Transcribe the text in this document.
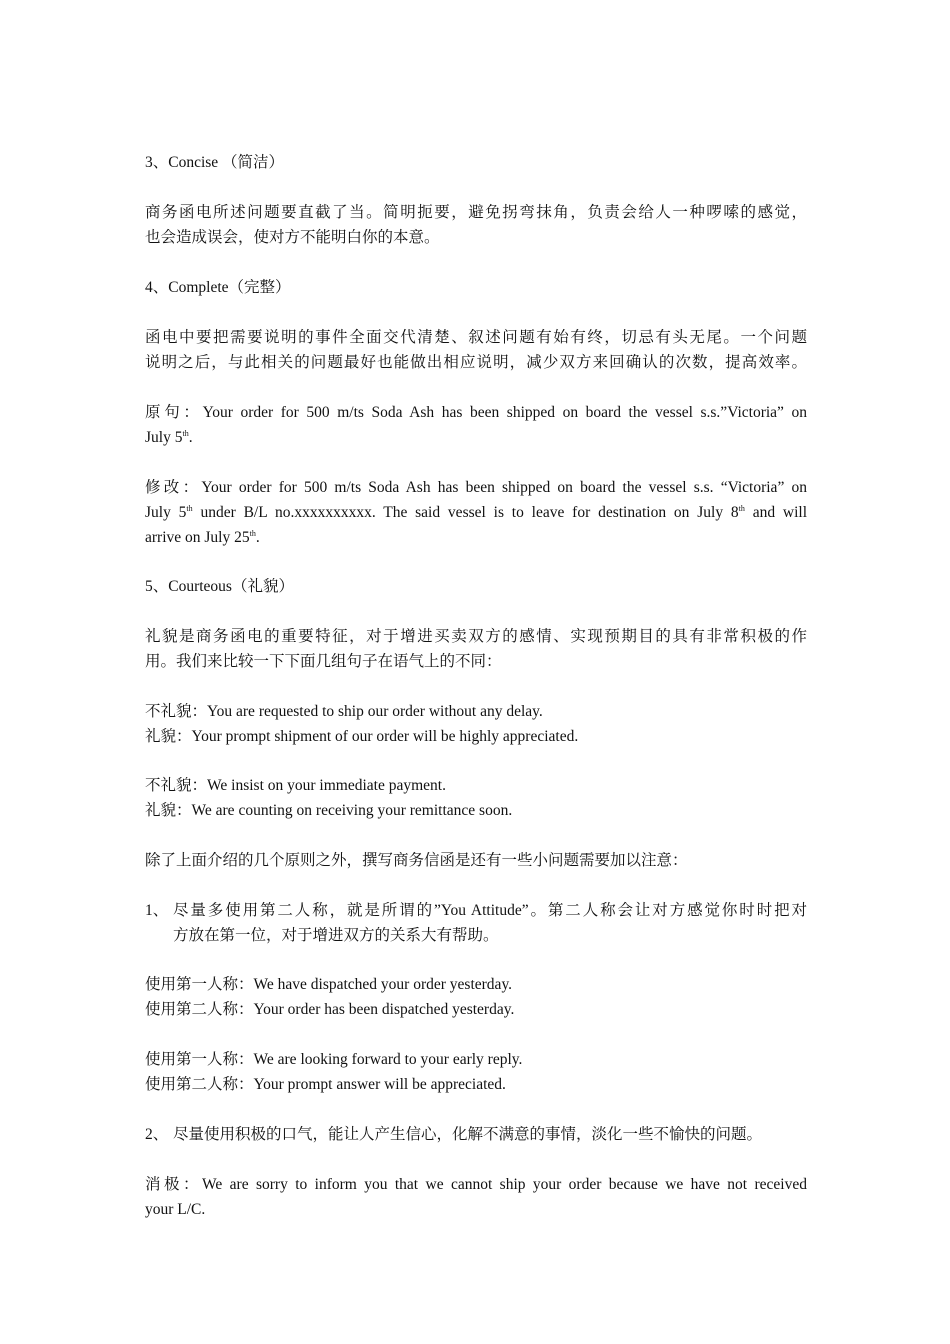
3、Concise （简洁）

商务函电所述问题要直截了当。简明扼要，避免拐弯抹角，负责会给人一种啰嗦的感觉，
也会造成误会，使对方不能明白你的本意。

4、Complete（完整）

函电中要把需要说明的事件全面交代清楚、叙述问题有始有终，切忌有头无尾。一个问题
说明之后，与此相关的问题最好也能做出相应说明，减少双方来回确认的次数，提高效率。

原句：Your order for 500 m/ts Soda Ash has been shipped on board the vessel s.s.”Victoria” on
July 5th.

修改：Your order for 500 m/ts Soda Ash has been shipped on board the vessel s.s. “Victoria” on
July 5th under B/L no.xxxxxxxxxx. The said vessel is to leave for destination on July 8th and will
arrive on July 25th.

5、Courteous（礼貌）

礼貌是商务函电的重要特征，对于增进买卖双方的感情、实现预期目的具有非常积极的作
用。我们来比较一下下面几组句子在语气上的不同：

不礼貌：You are requested to ship our order without any delay.
礼貌：Your prompt shipment of our order will be highly appreciated.

不礼貌：We insist on your immediate payment.
礼貌：We are counting on receiving your remittance soon.

除了上面介绍的几个原则之外，撰写商务信函是还有一些小问题需要加以注意：

1、 尽量多使用第二人称，就是所谓的”You Attitude”。第二人称会让对方感觉你时时把对
方放在第一位，对于增进双方的关系大有帮助。

使用第一人称：We have dispatched your order yesterday.
使用第二人称：Your order has been dispatched yesterday.

使用第一人称：We are looking forward to your early reply.
使用第二人称：Your prompt answer will be appreciated.

2、 尽量使用积极的口气，能让人产生信心，化解不满意的事情，淡化一些不愉快的问题。

消极：We are sorry to inform you that we cannot ship your order because we have not received
your L/C.
